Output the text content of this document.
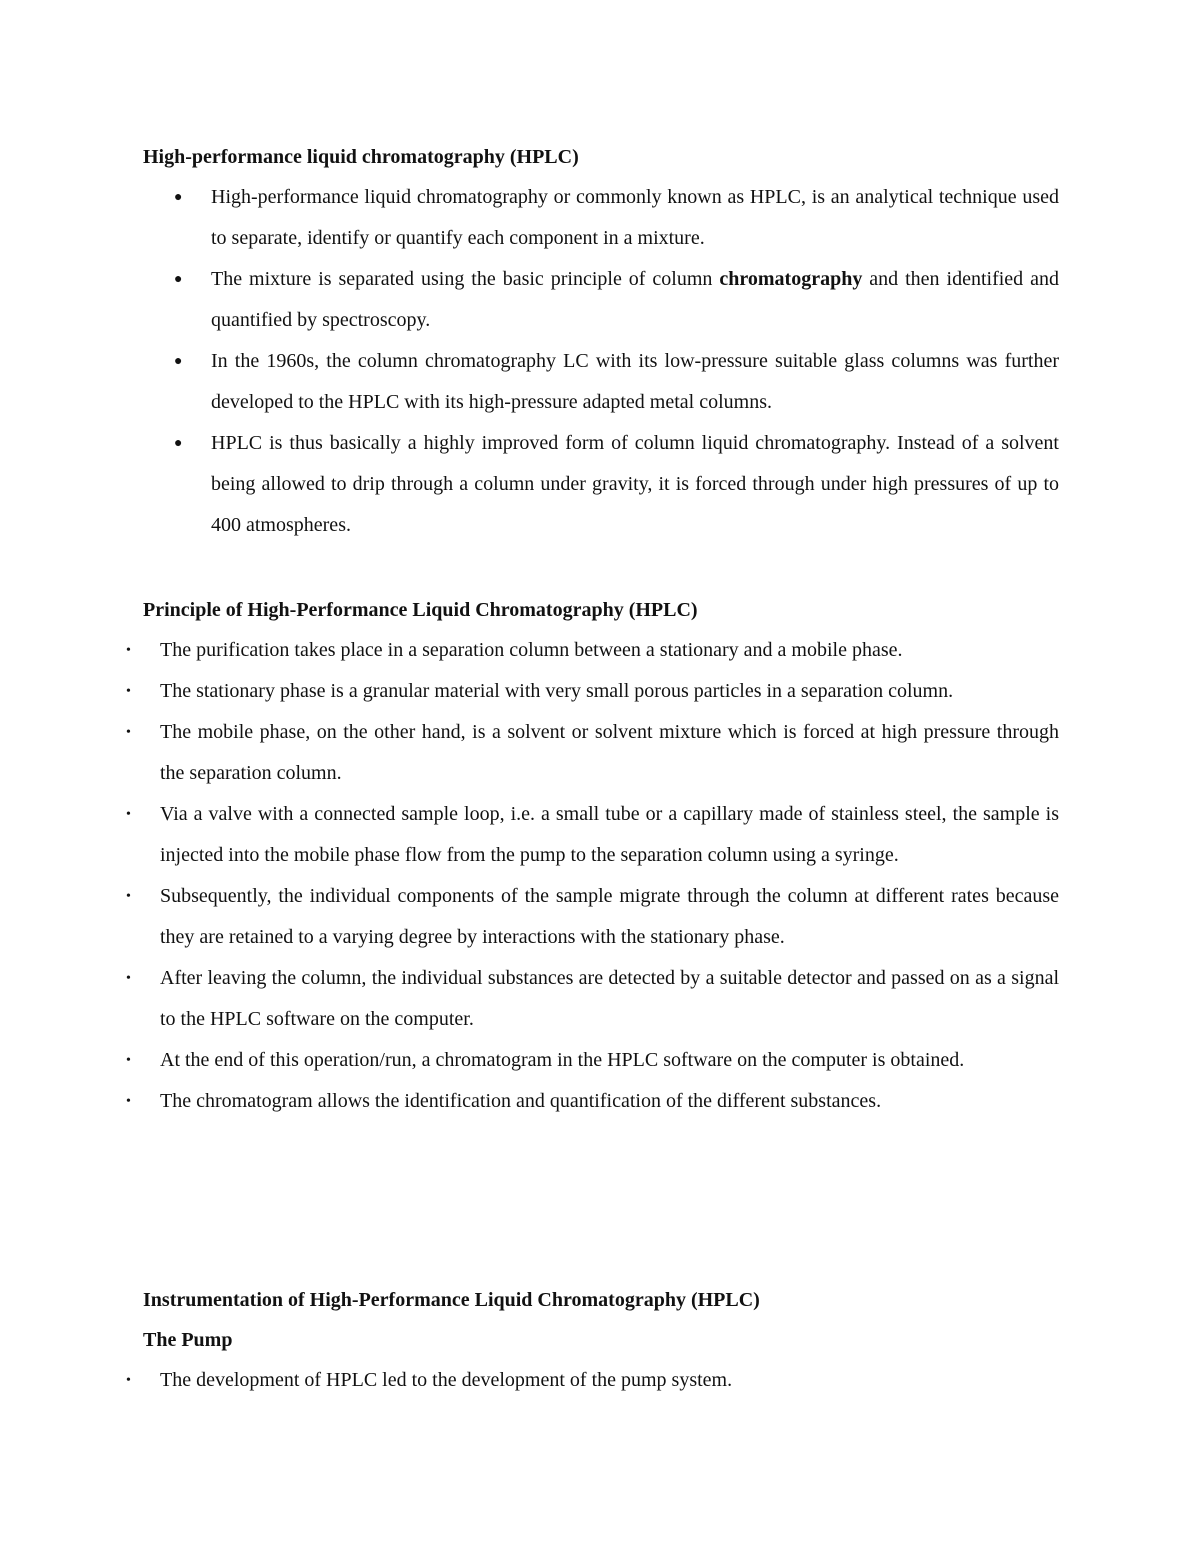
High-performance liquid chromatography (HPLC)
● High-performance liquid chromatography or commonly known as HPLC, is an analytical technique used to separate, identify or quantify each component in a mixture.
● The mixture is separated using the basic principle of column chromatography and then identified and quantified by spectroscopy.
● In the 1960s, the column chromatography LC with its low-pressure suitable glass columns was further developed to the HPLC with its high-pressure adapted metal columns.
● HPLC is thus basically a highly improved form of column liquid chromatography. Instead of a solvent being allowed to drip through a column under gravity, it is forced through under high pressures of up to 400 atmospheres.
Principle of High-Performance Liquid Chromatography (HPLC)
• The purification takes place in a separation column between a stationary and a mobile phase.
• The stationary phase is a granular material with very small porous particles in a separation column.
• The mobile phase, on the other hand, is a solvent or solvent mixture which is forced at high pressure through the separation column.
• Via a valve with a connected sample loop, i.e. a small tube or a capillary made of stainless steel, the sample is injected into the mobile phase flow from the pump to the separation column using a syringe.
• Subsequently, the individual components of the sample migrate through the column at different rates because they are retained to a varying degree by interactions with the stationary phase.
• After leaving the column, the individual substances are detected by a suitable detector and passed on as a signal to the HPLC software on the computer.
• At the end of this operation/run, a chromatogram in the HPLC software on the computer is obtained.
• The chromatogram allows the identification and quantification of the different substances.
Instrumentation of High-Performance Liquid Chromatography (HPLC)
The Pump
• The development of HPLC led to the development of the pump system.
